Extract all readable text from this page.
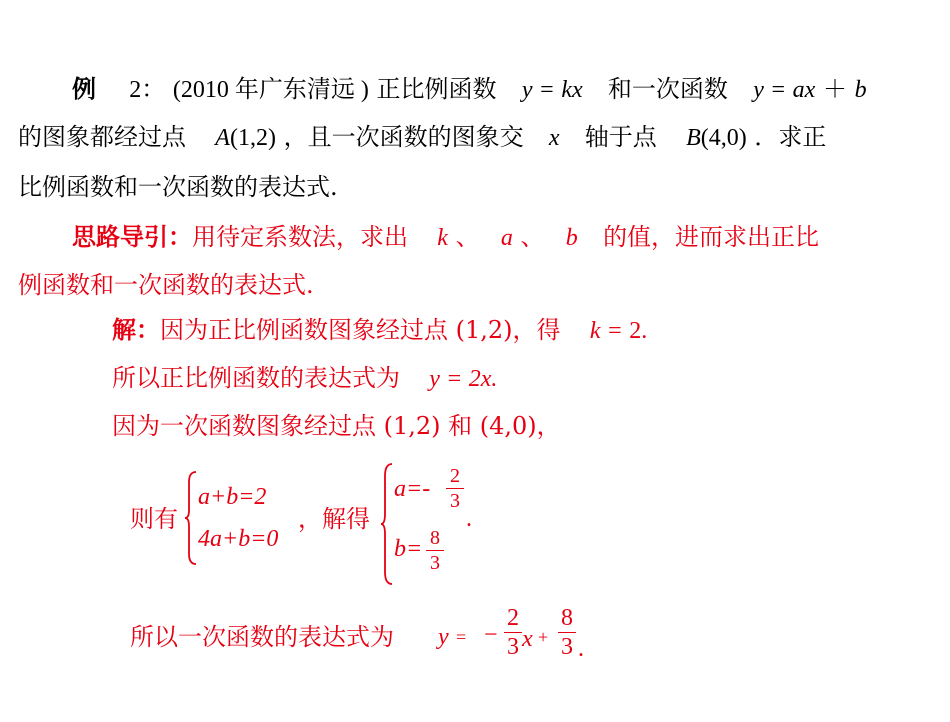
例 2： (2010 年广东清远 ) 正比例函数 y = kx 和一次函数 y = ax ＋ b
的图象都经过点 A(1,2) ，且一次函数的图象交 x 轴于点 B(4,0) ．求正
比例函数和一次函数的表达式.
思路导引：用待定系数法，求出 k 、 a 、 b 的值，进而求出正比
例函数和一次函数的表达式.
解：因为正比例函数图象经过点 (1,2)，得 k = 2.
所以正比例函数的表达式为 y = 2x.
因为一次函数图象经过点 (1,2) 和 (4,0)，
则有
a+b=2
4a+b=0
，解得
$a=- \frac{2}{3}$
$b= \frac{8}{3}$
.
所以一次函数的表达式为 y = − $\frac{2}{3}$ $x + \frac{8}{3}$ .
